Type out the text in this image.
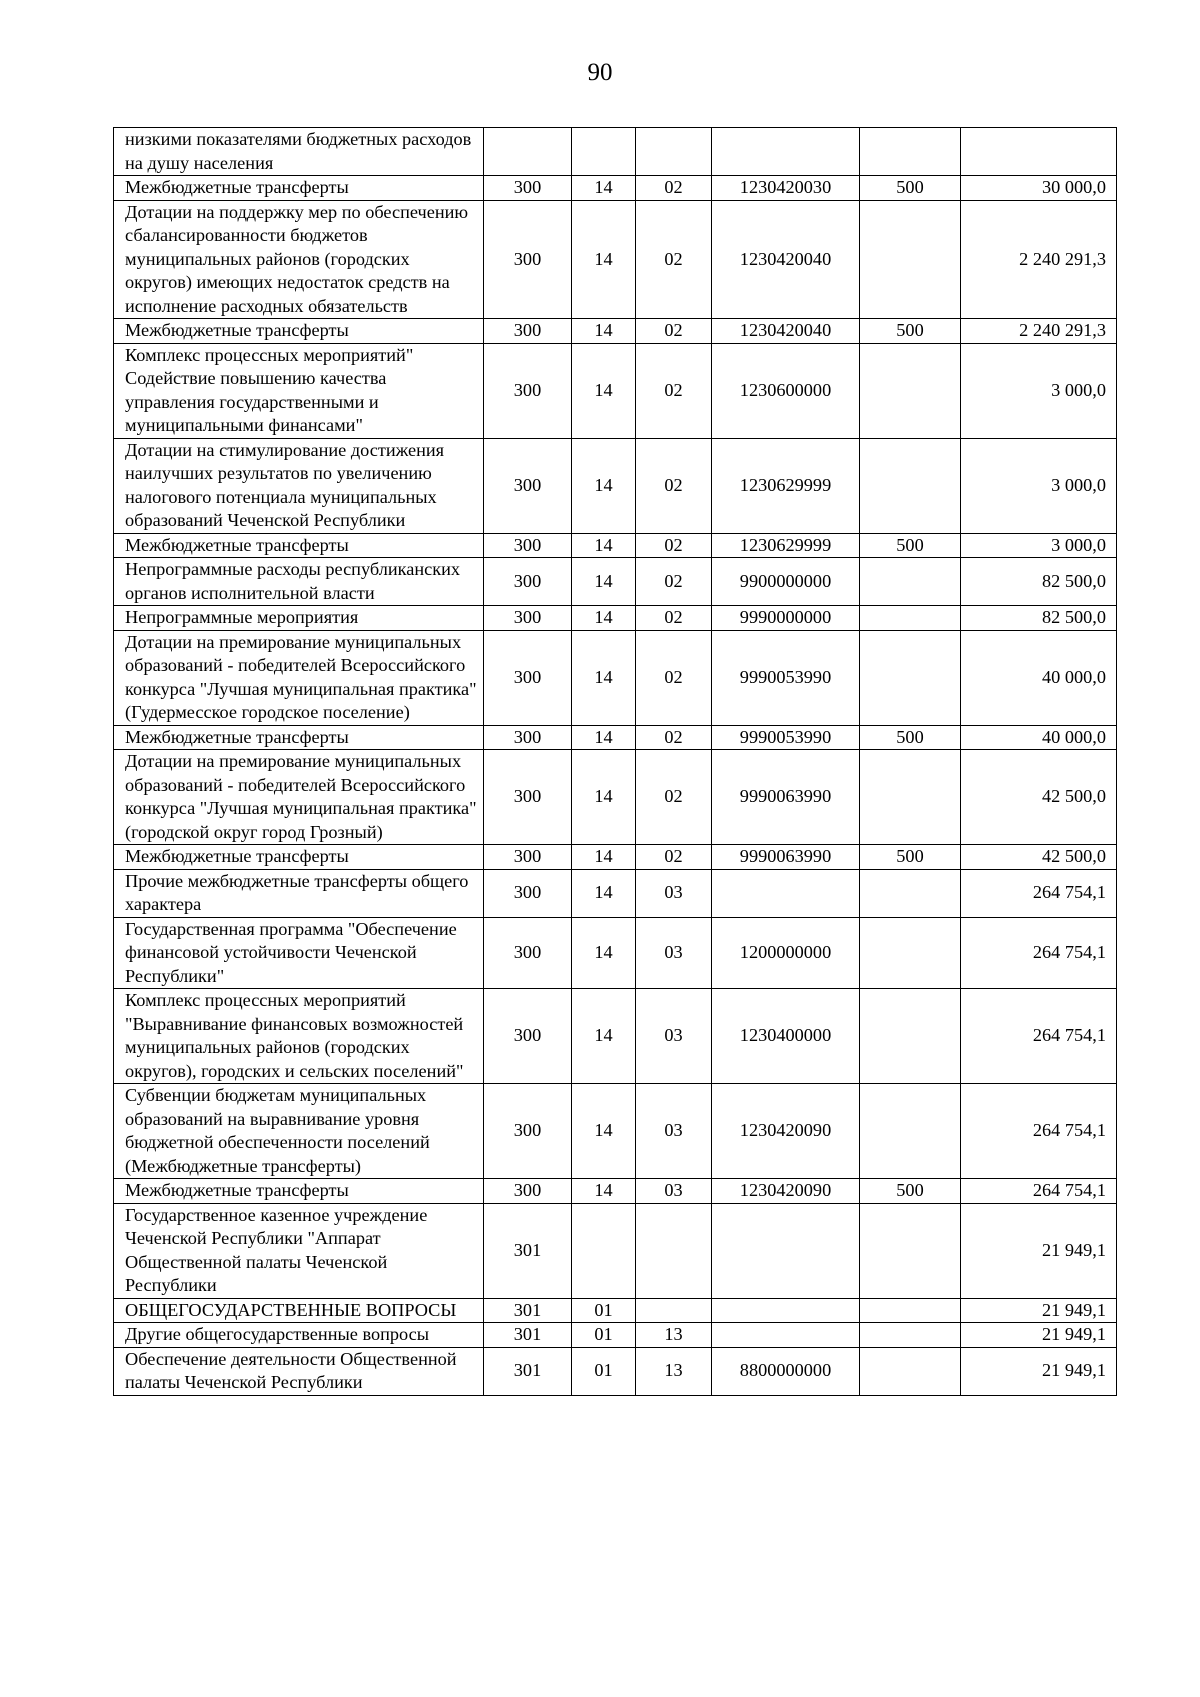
90
низкими показателями бюджетных расходов на душу населения						
Межбюджетные трансферты	300	14	02	1230420030	500	30 000,0
Дотации на поддержку мер по обеспечению сбалансированности бюджетов муниципальных районов (городских округов) имеющих недостаток средств на исполнение расходных обязательств	300	14	02	1230420040		2 240 291,3
Межбюджетные трансферты	300	14	02	1230420040	500	2 240 291,3
Комплекс процессных мероприятий" Содействие повышению качества управления государственными и муниципальными финансами"	300	14	02	1230600000		3 000,0
Дотации на стимулирование достижения наилучших результатов по увеличению налогового потенциала муниципальных образований Чеченской Республики	300	14	02	1230629999		3 000,0
Межбюджетные трансферты	300	14	02	1230629999	500	3 000,0
Непрограммные расходы республиканских органов исполнительной власти	300	14	02	9900000000		82 500,0
Непрограммные мероприятия	300	14	02	9990000000		82 500,0
Дотации на премирование муниципальных образований - победителей Всероссийского конкурса "Лучшая муниципальная практика" (Гудермесское городское поселение)	300	14	02	9990053990		40 000,0
Межбюджетные трансферты	300	14	02	9990053990	500	40 000,0
Дотации на премирование муниципальных образований - победителей Всероссийского конкурса "Лучшая муниципальная практика" (городской округ город Грозный)	300	14	02	9990063990		42 500,0
Межбюджетные трансферты	300	14	02	9990063990	500	42 500,0
Прочие межбюджетные трансферты общего характера	300	14	03			264 754,1
Государственная программа "Обеспечение финансовой устойчивости Чеченской Республики"	300	14	03	1200000000		264 754,1
Комплекс процессных мероприятий "Выравнивание финансовых возможностей муниципальных районов (городских округов), городских и сельских поселений"	300	14	03	1230400000		264 754,1
Субвенции бюджетам муниципальных образований на выравнивание уровня бюджетной обеспеченности поселений (Межбюджетные трансферты)	300	14	03	1230420090		264 754,1
Межбюджетные трансферты	300	14	03	1230420090	500	264 754,1
Государственное казенное учреждение Чеченской Республики "Аппарат Общественной палаты Чеченской Республики	301					21 949,1
ОБЩЕГОСУДАРСТВЕННЫЕ ВОПРОСЫ	301	01				21 949,1
Другие общегосударственные вопросы	301	01	13			21 949,1
Обеспечение деятельности Общественной палаты Чеченской Республики	301	01	13	8800000000		21 949,1
